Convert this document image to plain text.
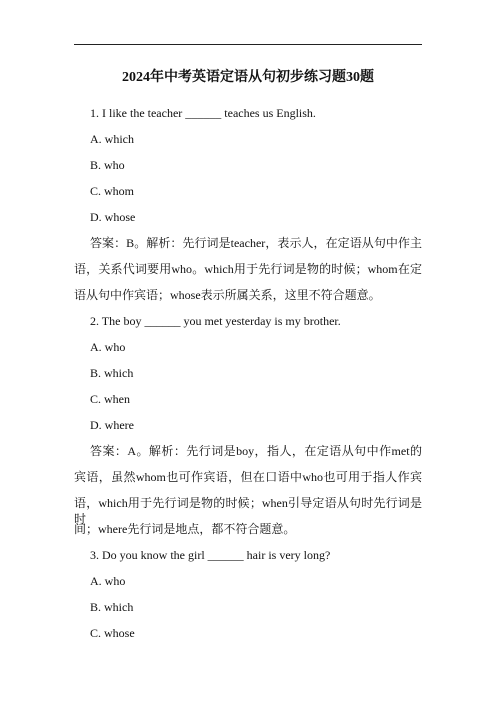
2024年中考英语定语从句初步练习题30题
1. I like the teacher ______ teaches us English.
A. which
B. who
C. whom
D. whose
答案：B。解析：先行词是teacher，表示人，在定语从句中作主
语，关系代词要用who。which用于先行词是物的时候；whom在定
语从句中作宾语；whose表示所属关系，这里不符合题意。
2. The boy ______ you met yesterday is my brother.
A. who
B. which
C. when
D. where
答案：A。解析：先行词是boy，指人，在定语从句中作met的
宾语，虽然whom也可作宾语，但在口语中who也可用于指人作宾
语，which用于先行词是物的时候；when引导定语从句时先行词是时
间；where先行词是地点，都不符合题意。
3. Do you know the girl ______ hair is very long?
A. who
B. which
C. whose
